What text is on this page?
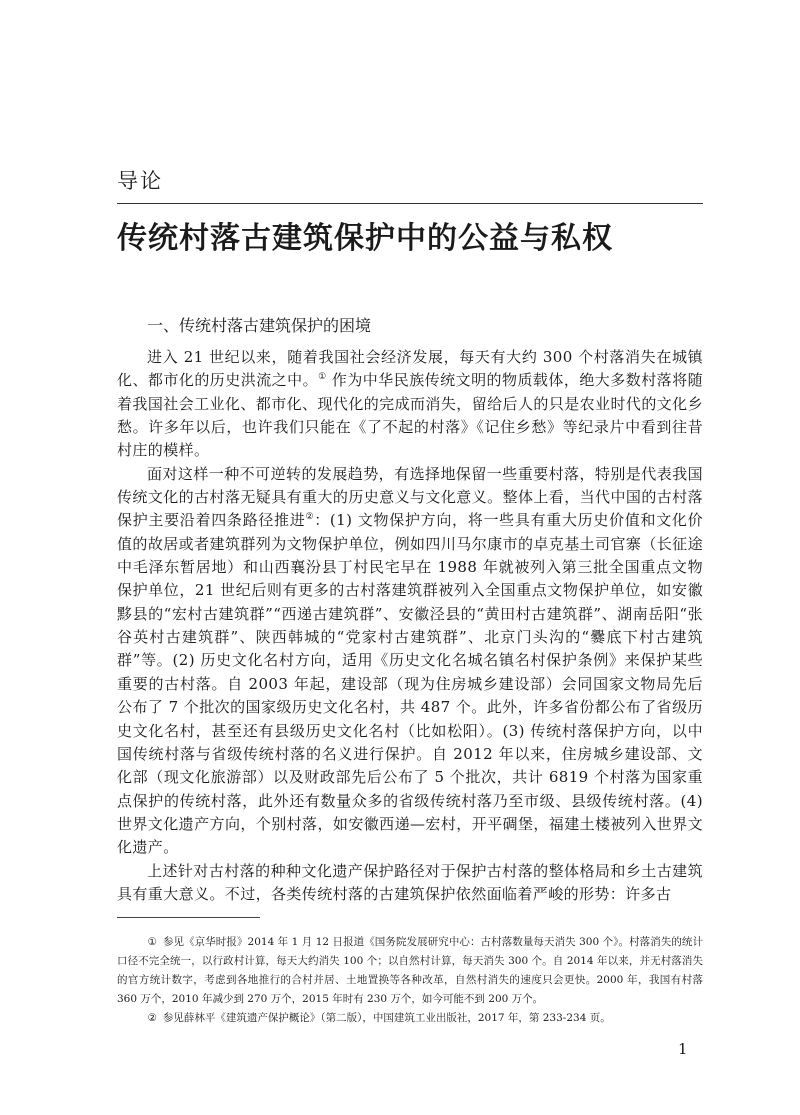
导论
传统村落古建筑保护中的公益与私权
一、传统村落古建筑保护的困境

进入 21 世纪以来，随着我国社会经济发展，每天有大约 300 个村落消失在城镇化、都市化的历史洪流之中。① 作为中华民族传统文明的物质载体，绝大多数村落将随着我国社会工业化、都市化、现代化的完成而消失，留给后人的只是农业时代的文化乡愁。许多年以后，也许我们只能在《了不起的村落》《记住乡愁》等纪录片中看到往昔村庄的模样。

面对这样一种不可逆转的发展趋势，有选择地保留一些重要村落，特别是代表我国传统文化的古村落无疑具有重大的历史意义与文化意义。整体上看，当代中国的古村落保护主要沿着四条路径推进②：(1) 文物保护方向，将一些具有重大历史价值和文化价值的故居或者建筑群列为文物保护单位，例如四川马尔康市的卓克基土司官寨（长征途中毛泽东暂居地）和山西襄汾县丁村民宅早在 1988 年就被列入第三批全国重点文物保护单位，21 世纪后则有更多的古村落建筑群被列入全国重点文物保护单位，如安徽黟县的“宏村古建筑群”“西递古建筑群”、安徽泾县的“黄田村古建筑群”、湖南岳阳“张谷英村古建筑群”、陕西韩城的“党家村古建筑群”、北京门头沟的“爨底下村古建筑群”等。(2) 历史文化名村方向，适用《历史文化名城名镇名村保护条例》来保护某些重要的古村落。自 2003 年起，建设部（现为住房城乡建设部）会同国家文物局先后公布了 7 个批次的国家级历史文化名村，共 487 个。此外，许多省份都公布了省级历史文化名村，甚至还有县级历史文化名村（比如松阳）。(3) 传统村落保护方向，以中国传统村落与省级传统村落的名义进行保护。自 2012 年以来，住房城乡建设部、文化部（现文化旅游部）以及财政部先后公布了 5 个批次，共计 6819 个村落为国家重点保护的传统村落，此外还有数量众多的省级传统村落乃至市级、县级传统村落。(4) 世界文化遗产方向，个别村落，如安徽西递—宏村，开平碉堡，福建土楼被列入世界文化遗产。

上述针对古村落的种种文化遗产保护路径对于保护古村落的整体格局和乡土古建筑具有重大意义。不过，各类传统村落的古建筑保护依然面临着严峻的形势：许多古

① 参见《京华时报》2014 年 1 月 12 日报道《国务院发展研究中心：古村落数量每天消失 300 个》。村落消失的统计口径不完全统一，以行政村计算，每天大约消失 100 个；以自然村计算，每天消失 300 个。自 2014 年以来，并无村落消失的官方统计数字，考虑到各地推行的合村并居、土地置换等各种改革，自然村消失的速度只会更快。2000 年，我国有村落 360 万个，2010 年减少到 270 万个，2015 年时有 230 万个，如今可能不到 200 万个。

② 参见薛林平《建筑遗产保护概论》（第二版），中国建筑工业出版社，2017 年，第 233-234 页。

1
